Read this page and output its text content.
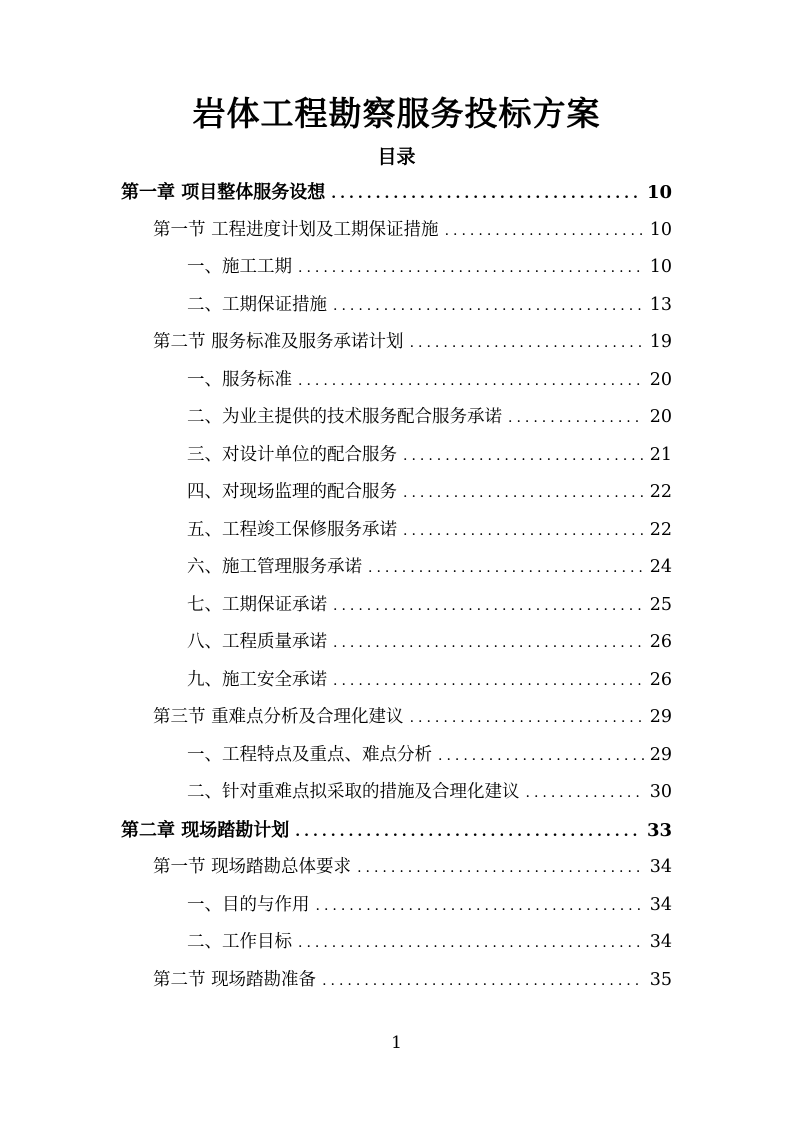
岩体工程勘察服务投标方案
目录
第一章 项目整体服务设想 .....	10
第一节 工程进度计划及工期保证措施 .....	10
一、施工工期 .....	10
二、工期保证措施 .....	13
第二节 服务标准及服务承诺计划 .....	19
一、服务标准 .....	20
二、为业主提供的技术服务配合服务承诺 .....	20
三、对设计单位的配合服务 .....	21
四、对现场监理的配合服务 .....	22
五、工程竣工保修服务承诺 .....	22
六、施工管理服务承诺 .....	24
七、工期保证承诺 .....	25
八、工程质量承诺 .....	26
九、施工安全承诺 .....	26
第三节 重难点分析及合理化建议 .....	29
一、工程特点及重点、难点分析 .....	29
二、针对重难点拟采取的措施及合理化建议 .....	30
第二章 现场踏勘计划 .....	33
第一节 现场踏勘总体要求 .....	34
一、目的与作用 .....	34
二、工作目标 .....	34
第二节 现场踏勘准备 .....	35
1
